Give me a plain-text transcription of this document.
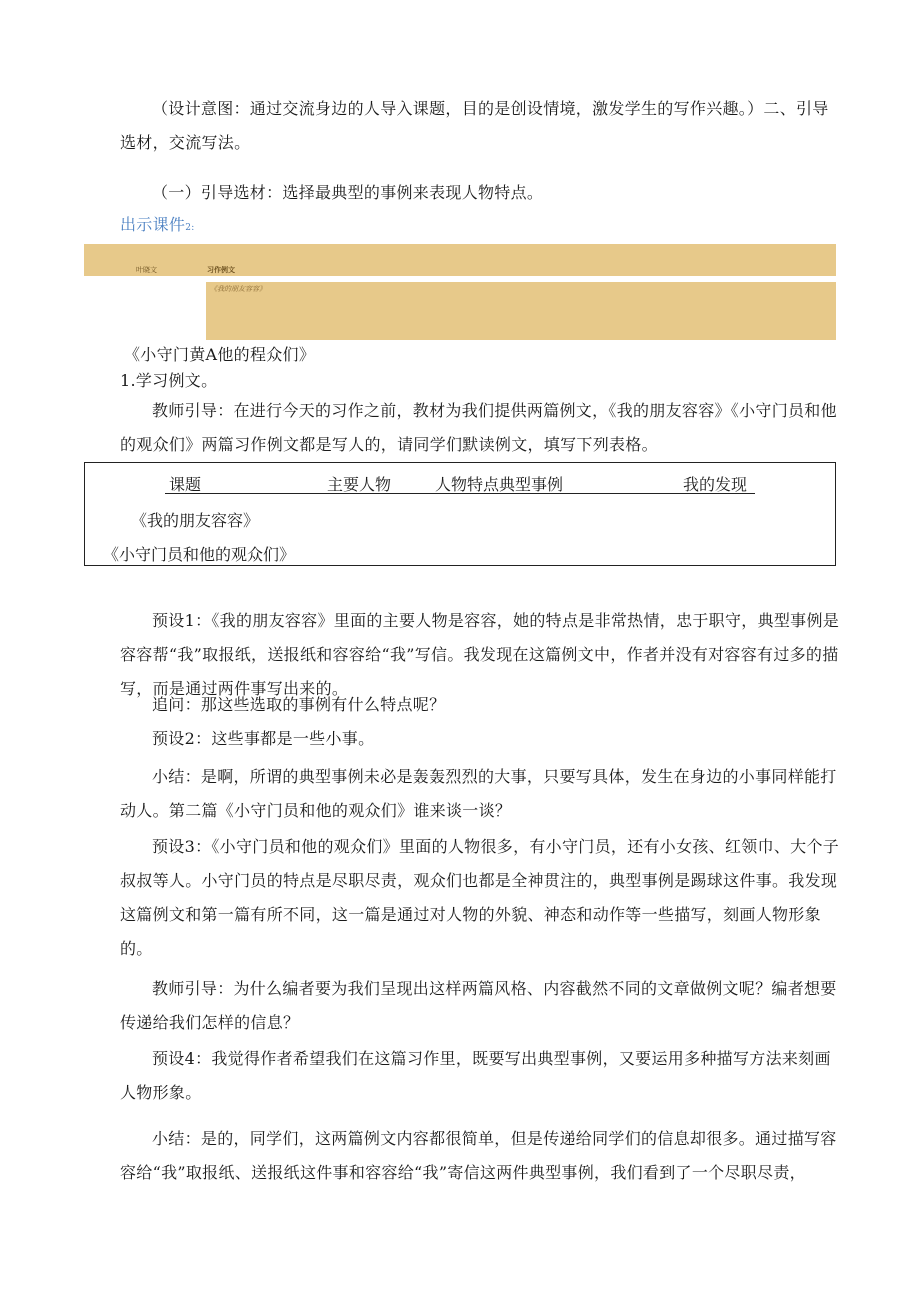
（设计意图：通过交流身边的人导入课题，目的是创设情境，激发学生的写作兴趣。）二、引导选材，交流写法。
（一）引导选材：选择最典型的事例来表现人物特点。
出示课件2:
叶晓文	习作例文
《我的朋友容容》
《小守门黄A他的程众们》
1.学习例文。
教师引导：在进行今天的习作之前，教材为我们提供两篇例文，《我的朋友容容》《小守门员和他的观众们》两篇习作例文都是写人的，请同学们默读例文，填写下列表格。
课题	主要人物	人物特点典型事例	我的发现
《我的朋友容容》
《小守门员和他的观众们》
预设1：《我的朋友容容》里面的主要人物是容容，她的特点是非常热情，忠于职守，典型事例是容容帮“我”取报纸，送报纸和容容给“我”写信。我发现在这篇例文中，作者并没有对容容有过多的描写，而是通过两件事写出来的。
追问：那这些选取的事例有什么特点呢？
预设2：这些事都是一些小事。
小结：是啊，所谓的典型事例未必是轰轰烈烈的大事，只要写具体，发生在身边的小事同样能打动人。第二篇《小守门员和他的观众们》谁来谈一谈？
预设3：《小守门员和他的观众们》里面的人物很多，有小守门员，还有小女孩、红领巾、大个子叔叔等人。小守门员的特点是尽职尽责，观众们也都是全神贯注的，典型事例是踢球这件事。我发现这篇例文和第一篇有所不同，这一篇是通过对人物的外貌、神态和动作等一些描写，刻画人物形象的。
教师引导：为什么编者要为我们呈现出这样两篇风格、内容截然不同的文章做例文呢？编者想要传递给我们怎样的信息？
预设4：我觉得作者希望我们在这篇习作里，既要写出典型事例，又要运用多种描写方法来刻画人物形象。
小结：是的，同学们，这两篇例文内容都很简单，但是传递给同学们的信息却很多。通过描写容容给“我”取报纸、送报纸这件事和容容给“我”寄信这两件典型事例，我们看到了一个尽职尽责，
